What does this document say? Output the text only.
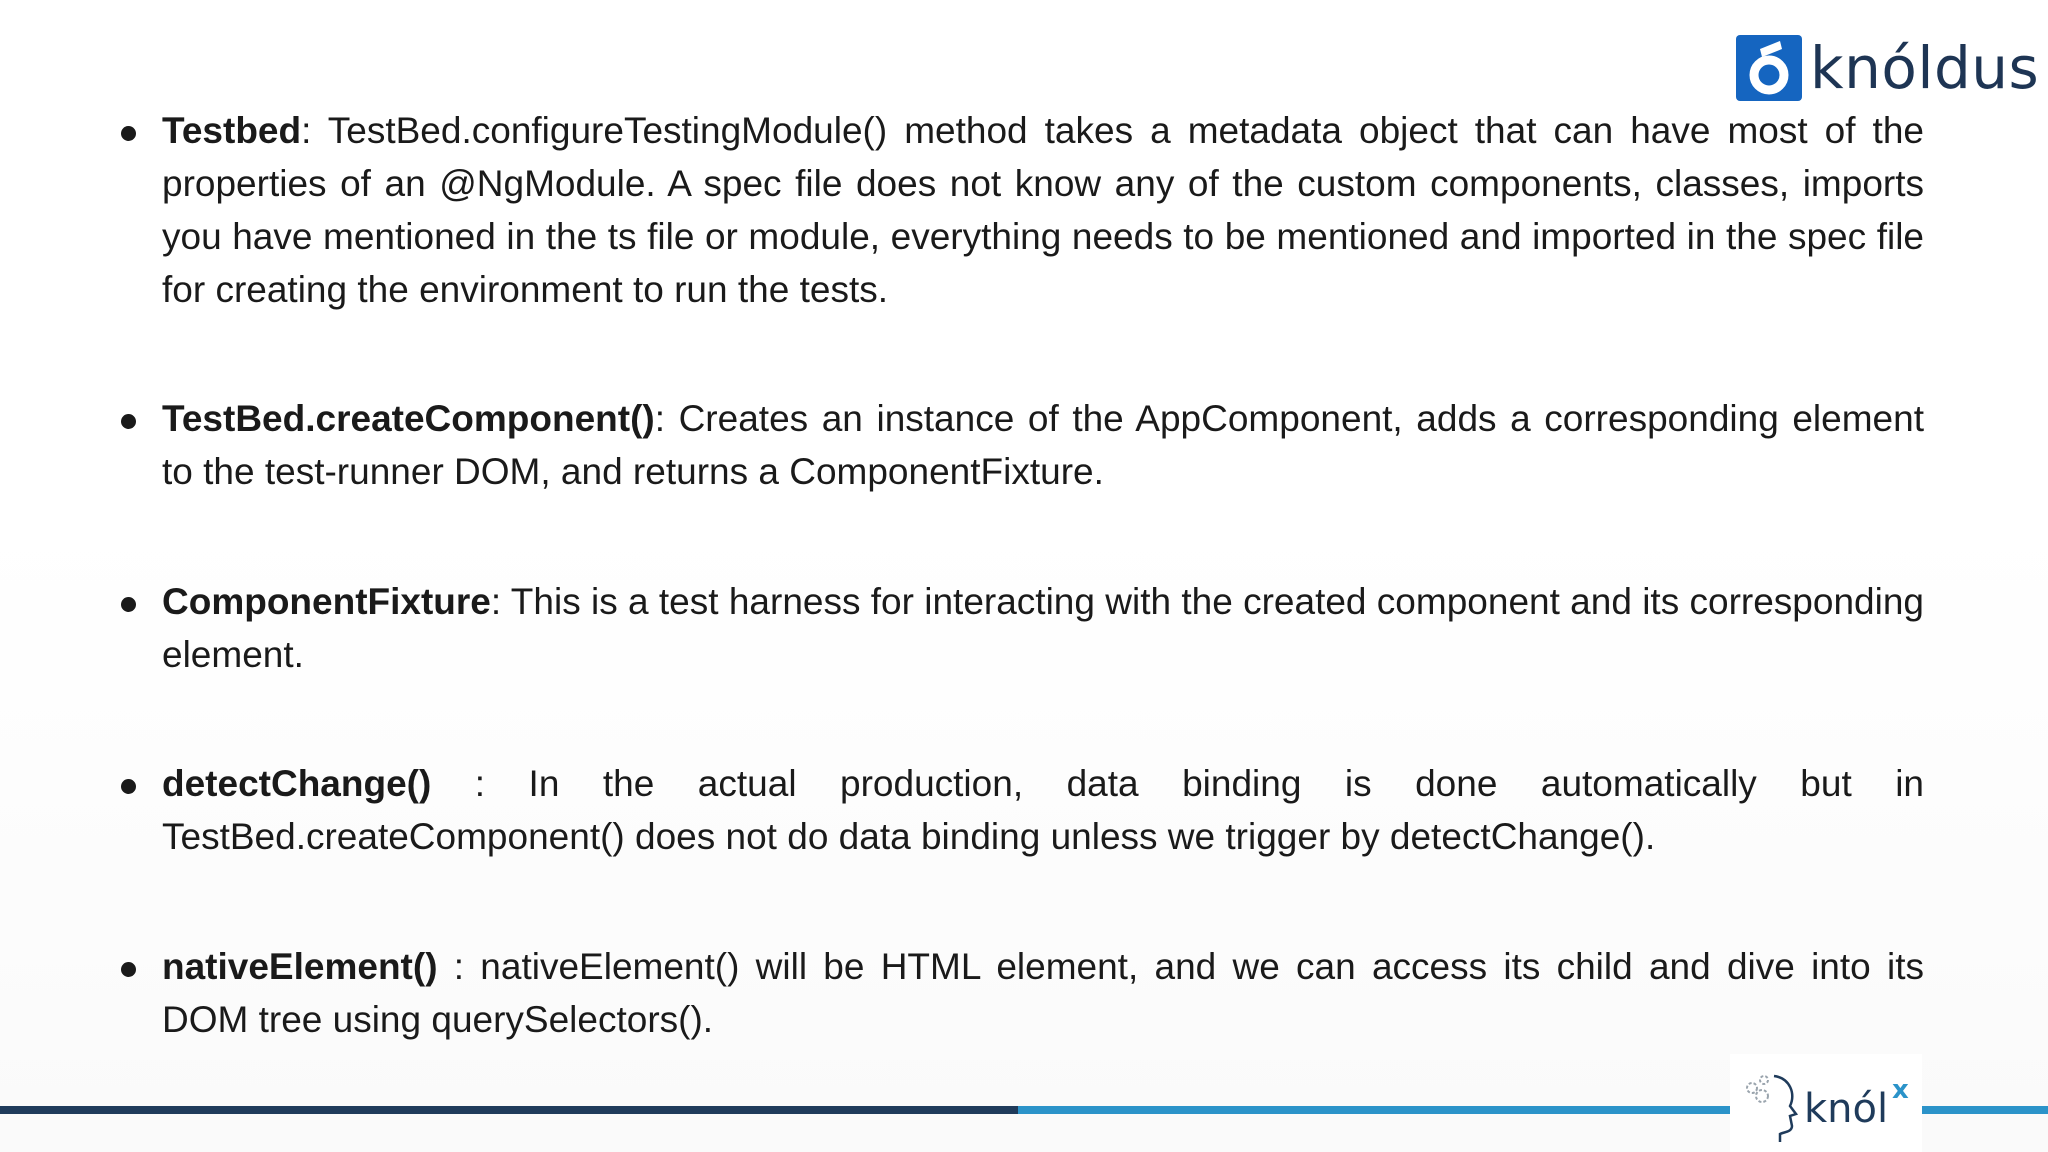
knóldus
Testbed: TestBed.configureTestingModule() method takes a metadata object that can have most of the properties of an @NgModule. A spec file does not know any of the custom components, classes, imports you have mentioned in the ts file or module, everything needs to be mentioned and imported in the spec file for creating the environment to run the tests.
TestBed.createComponent(): Creates an instance of the AppComponent, adds a corresponding element to the test-runner DOM, and returns a ComponentFixture.
ComponentFixture: This is a test harness for interacting with the created component and its corresponding element.
detectChange() : In the actual production, data binding is done automatically but in TestBed.createComponent() does not do data binding unless we trigger by detectChange().
nativeElement() : nativeElement() will be HTML element, and we can access its child and dive into its DOM tree using querySelectors().
knól x
